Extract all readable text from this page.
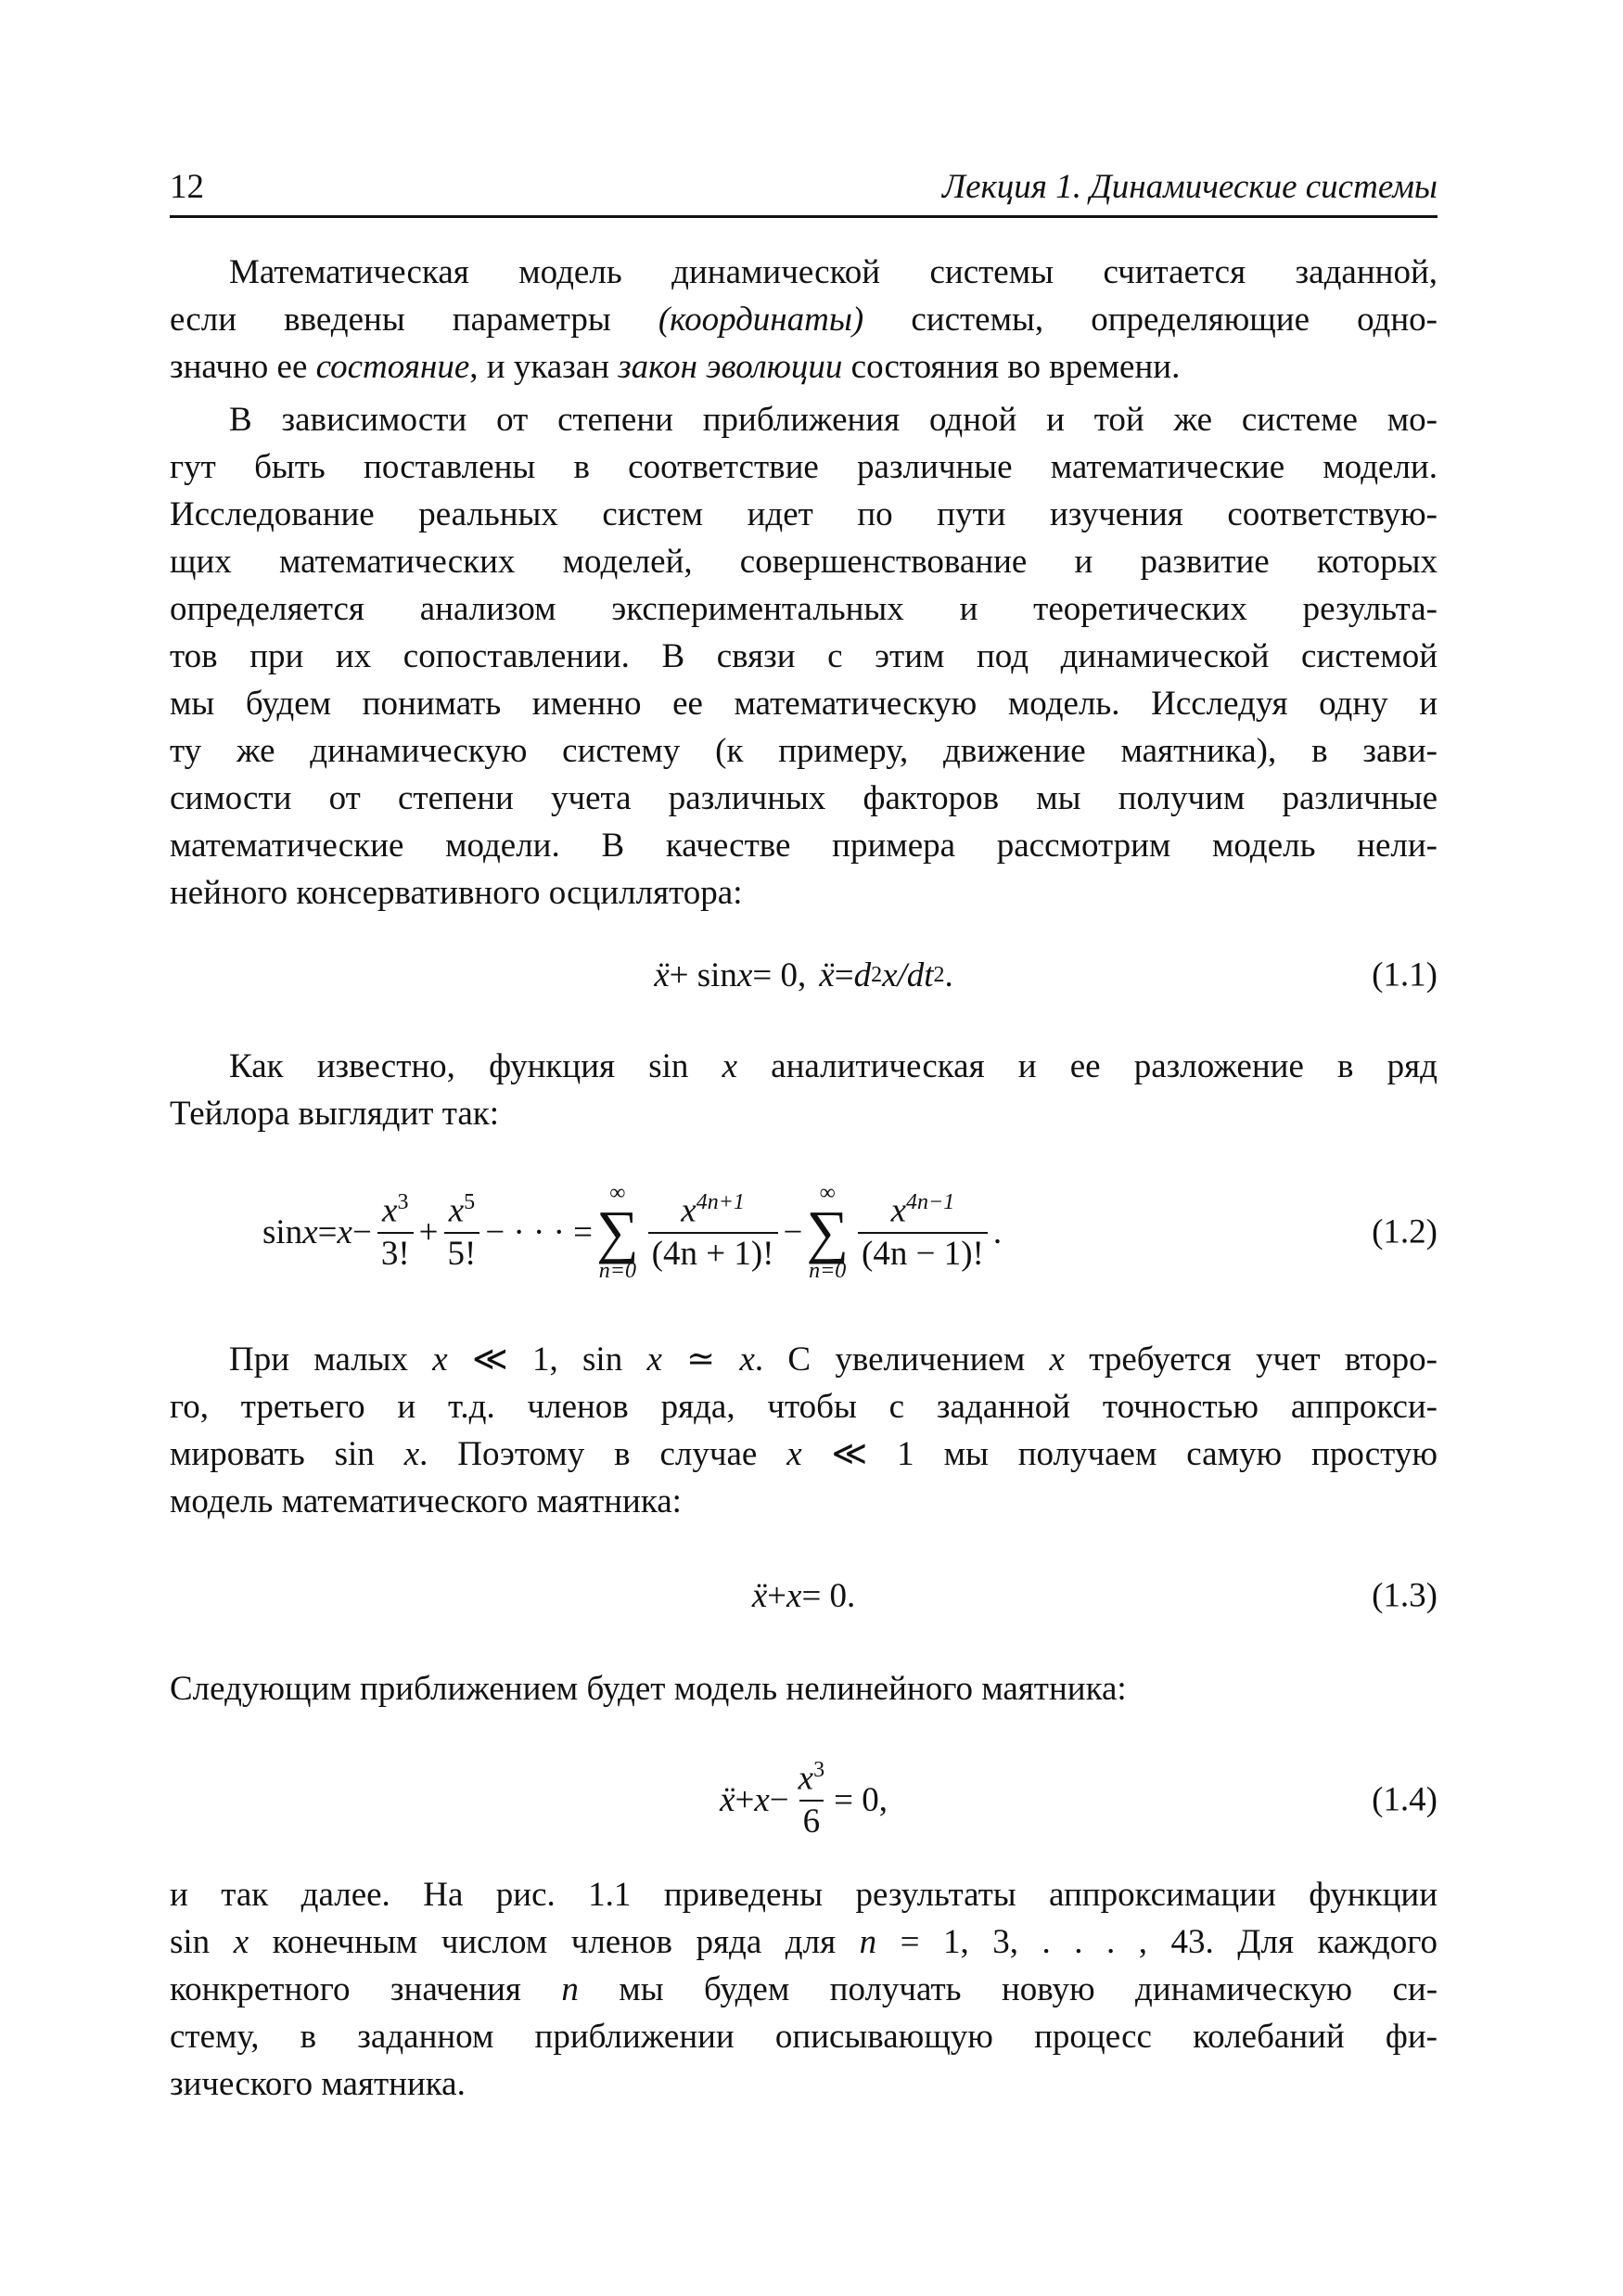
12	Лекция 1. Динамические системы
Математическая модель динамической системы считается заданной,
если введены параметры (координаты) системы, определяющие одно-
значно ее состояние, и указан закон эволюции состояния во времени.
В зависимости от степени приближения одной и той же системе мо-
гут быть поставлены в соответствие различные математические модели.
Исследование реальных систем идет по пути изучения соответствую-
щих математических моделей, совершенствование и развитие которых
определяется анализом экспериментальных и теоретических результа-
тов при их сопоставлении. В связи с этим под динамической системой
мы будем понимать именно ее математическую модель. Исследуя одну и
ту же динамическую систему (к примеру, движение маятника), в зави-
симости от степени учета различных факторов мы получим различные
математические модели. В качестве примера рассмотрим модель нели-
нейного консервативного осциллятора:
ẍ + sin x = 0, ẍ = d 2 x/dt 2 .	(1.1)
Как известно, функция sin x аналитическая и ее разложение в ряд
Тейлора выглядит так:
$\sin x = x - \frac{x^3}{3!} + \frac{x^5}{5!}$ − · · · =
∞
∑
$n=0 \frac{x^{4n+1}}{(4n + 1)!}$ −
∞
∑
$n=0 \frac{x^{4n-1}}{(4n - 1)!}$ .	(1.2)
При малых x ≪ 1, sin x ≃ x. С увеличением x требуется учет второ-
го, третьего и т.д. членов ряда, чтобы с заданной точностью аппрокси-
мировать sin x. Поэтому в случае x ≪ 1 мы получаем самую простую
модель математического маятника:
ẍ + x = 0.	(1.3)
Следующим приближением будет модель нелинейного маятника:
ẍ + $x - \frac{x^3}{6} = 0$,	(1.4)
и так далее. На рис. 1.1 приведены результаты аппроксимации функции
sin x конечным числом членов ряда для n = 1, 3, . . . , 43. Для каждого
конкретного значения n мы будем получать новую динамическую си-
стему, в заданном приближении описывающую процесс колебаний фи-
зического маятника.
